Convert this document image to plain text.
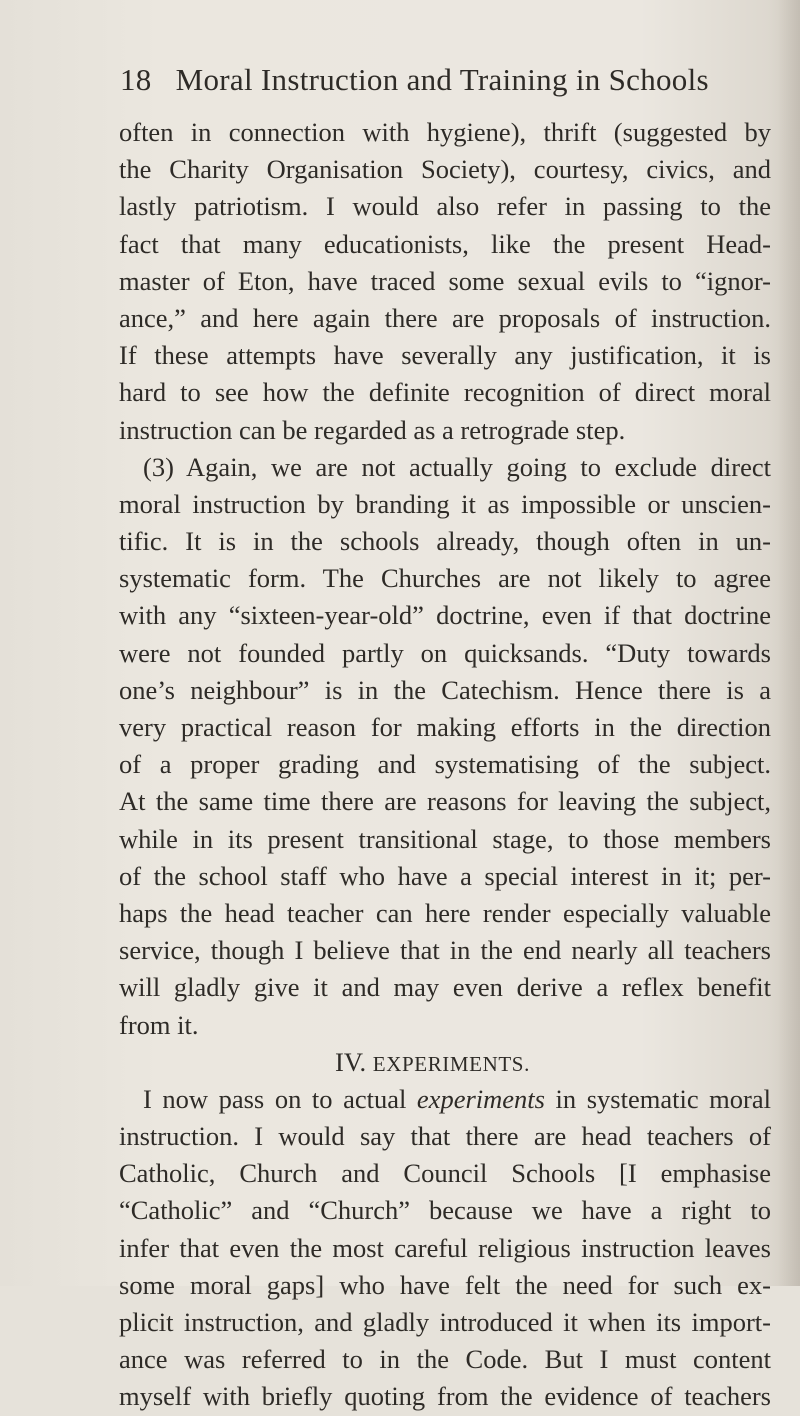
18 Moral Instruction and Training in Schools
often in connection with hygiene), thrift (suggested by
the Charity Organisation Society), courtesy, civics, and
lastly patriotism. I would also refer in passing to the
fact that many educationists, like the present Head-
master of Eton, have traced some sexual evils to “ignor-
ance,” and here again there are proposals of instruction.
If these attempts have severally any justification, it is
hard to see how the definite recognition of direct moral
instruction can be regarded as a retrograde step.
(3) Again, we are not actually going to exclude direct
moral instruction by branding it as impossible or unscien-
tific. It is in the schools already, though often in un-
systematic form. The Churches are not likely to agree
with any “sixteen-year-old” doctrine, even if that doctrine
were not founded partly on quicksands. “Duty towards
one’s neighbour” is in the Catechism. Hence there is a
very practical reason for making efforts in the direction
of a proper grading and systematising of the subject.
At the same time there are reasons for leaving the subject,
while in its present transitional stage, to those members
of the school staff who have a special interest in it; per-
haps the head teacher can here render especially valuable
service, though I believe that in the end nearly all teachers
will gladly give it and may even derive a reflex benefit
from it.
IV. EXPERIMENTS.
I now pass on to actual experiments in systematic moral
instruction. I would say that there are head teachers of
Catholic, Church and Council Schools [I emphasise
“Catholic” and “Church” because we have a right to
infer that even the most careful religious instruction leaves
some moral gaps] who have felt the need for such ex-
plicit instruction, and gladly introduced it when its import-
ance was referred to in the Code. But I must content
myself with briefly quoting from the evidence of teachers
